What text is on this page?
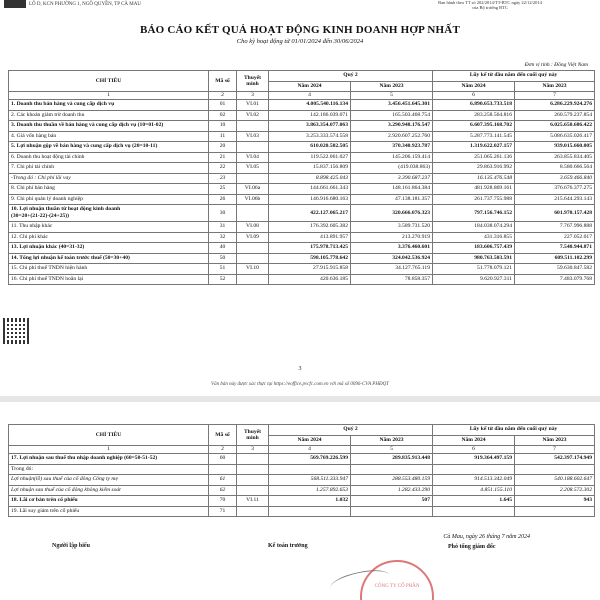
LÔ D, KCN PHƯỜNG 1, NGÔ QUYỀN, TP CÀ MAU	Ban hành theo TT số 202/2014/TT-BTC ngày 22/12/2014
của Bộ trưởng BTC
BÁO CÁO KẾT QUẢ HOẠT ĐỘNG KINH DOANH HỢP NHẤT
Cho kỳ hoạt động từ 01/01/2024 đến 30/06/2024
Đơn vị tính : Đồng Việt Nam
CHỈ TIÊU	Mã số	Thuyết minh	Quý 2		Lũy kế từ đầu năm đến cuối quý này	
			Năm 2024	Năm 2023	Năm 2024	Năm 2023
1	2	3	4	5	6	7
1. Doanh thu bán hàng và cung cấp dịch vụ	01	VI.01	4.005.540.116.134	3.456.451.645.301	6.890.653.733.518	6.286.229.924.276
2. Các khoản giảm trừ doanh thu	02	VI.02	142.186.039.071	165.503.468.754	283.258.564.816	260.579.237.854
3. Doanh thu thuần về bán hàng và cung cấp dịch vụ (10=01-02)	10		3.863.354.077.063	3.290.948.176.547	6.607.395.168.702	6.025.650.686.422
4. Giá vốn hàng bán	11	VI.03	3.253.333.574.558	2.920.607.252.760	5.287.773.141.545	5.086.635.026.417
5. Lợi nhuận gộp về bán hàng và cung cấp dịch vụ (20=10-11)	20		610.020.502.505	370.340.923.787	1.319.622.027.157	939.015.660.005
6. Doanh thu hoạt động tài chính	21	VI.04	119.522.061.027	145.206.159.414	251.065.261.136	263.855.834.405
7. Chi phí tài chính	22	VI.05	15.837.156.809	(419.038.863)	29.863.916.992	8.580.666.564
-Trong đó : Chi phí lãi vay	23		8.898.425.043	3.390.687.237	16.135.476.548	3.659.466.840
8. Chi phí bán hàng	25	VI.06a	144.661.661.343	148.161.864.384	481.928.869.161	376.676.377.275
9. Chi phí quản lý doanh nghiệp	26	VI.06b	146.916.680.163	47.138.181.357	261.737.755.988	215.644.293.143

10. Lợi nhuận thuần từ hoạt động kinh doanh
(30=20+(21-22)-(24+25))	30		422.127.065.217	320.666.076.323	797.156.746.152	601.970.157.428
11. Thu nhập khác	31	VI.08	176.392.605.382	3.589.731.520	184.038.074.294	7.767.996.888
12. Chi phí khác	32	VI.09	413.891.957	213.270.919	431.316.855	227.052.017
13. Lợi nhuận khác (40=31-32)	40		175.978.713.425	3.376.460.601	183.606.757.439	7.540.944.871
14. Tổng lợi nhuận kế toán trước thuế (50=30+40)	50		598.105.778.642	324.042.536.924	980.763.503.591	609.511.102.299
15. Chi phí thuế TNDN hiện hành	51	VI.10	27.915.915.858	34.127.765.119	51.778.079.121	59.630.847.582
16. Chi phí thuế TNDN hoãn lại	52		420.636.185	78.858.357	9.620.927.311	7.483.079.768
3
Văn bản này được xác thực tại https://eoffice.pvcfc.com.vn với mã số 0096-CVA PHĐQT
CHỈ TIÊU	Mã số	Thuyết minh	Quý 2		Lũy kế từ đầu năm đến cuối quý này	
			Năm 2024	Năm 2023	Năm 2024	Năm 2023
1	2	3	4	5	6	7
17. Lợi nhuận sau thuế thu nhập doanh nghiệp (60=50-51-52)	60		569.769.226.599	289.835.913.448	919.364.497.159	542.397.174.949
Trong đó:						
Lợi nhuận(lỗ) sau thuế của cổ đông Công ty mẹ	61		568.511.333.947	288.553.480.159	914.513.342.049	540.188.602.647
Lợi nhuận sau thuế của cổ đông không kiểm soát	62		1.257.892.653	1.282.433.290	4.851.155.110	2.208.572.302
18. Lãi cơ bản trên cổ phiếu	70	VI.11	1.032	507	1.645	943
19. Lãi suy giảm trên cổ phiếu	71					
Người lập biểu	Kế toán trưởng
Cà Mau, ngày 26 tháng 7 năm 2024
Phó tổng giám đốc
CÔNG TY CỔ PHẦN
